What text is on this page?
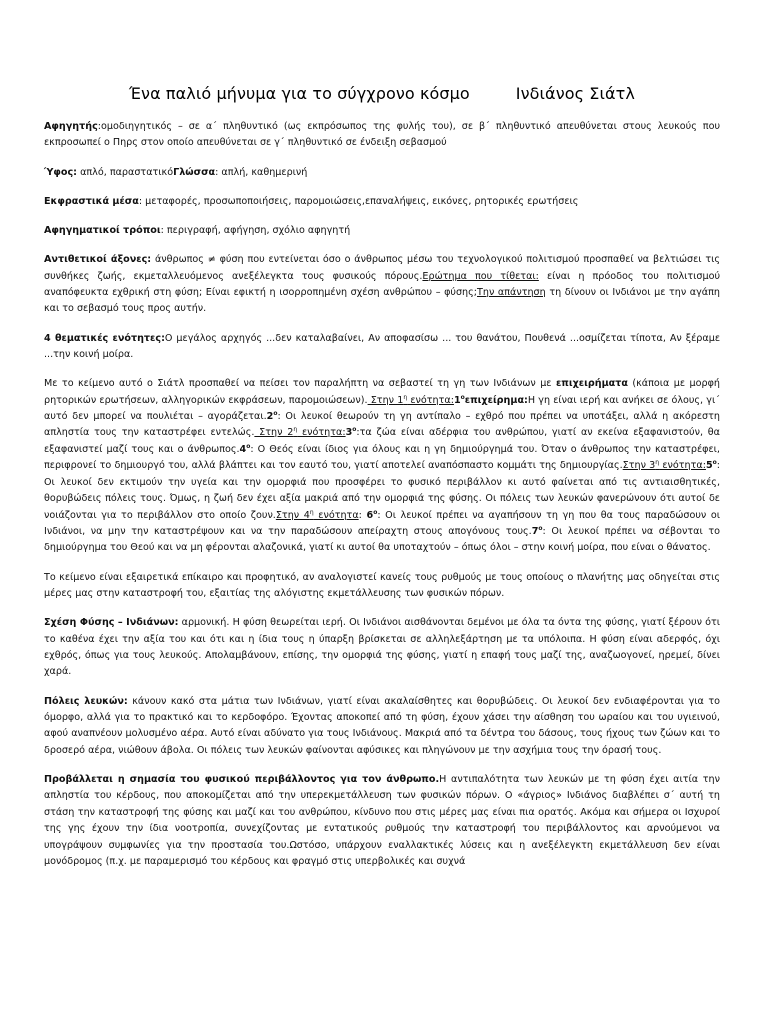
Ένα παλιό μήνυμα για το σύγχρονο κόσμο	Ινδιάνος Σιάτλ

Αφηγητής:ομοδιηγητικός – σε α΄ πληθυντικό (ως εκπρόσωπος της φυλής του), σε β΄ πληθυντικό απευθύνεται στους λευκούς που εκπροσωπεί ο Πηρς στον οποίο απευθύνεται σε γ΄ πληθυντικό σε ένδειξη σεβασμού

Ύφος: απλό, παραστατικόΓλώσσα: απλή, καθημερινή

Εκφραστικά μέσα: μεταφορές, προσωποποιήσεις, παρομοιώσεις,επαναλήψεις, εικόνες, ρητορικές ερωτήσεις

Αφηγηματικοί τρόποι: περιγραφή, αφήγηση, σχόλιο αφηγητή

Αντιθετικοί άξονες: άνθρωπος ≠ φύση που εντείνεται όσο ο άνθρωπος μέσω του τεχνολογικού πολιτισμού προσπαθεί να βελτιώσει τις συνθήκες ζωής, εκμεταλλευόμενος ανεξέλεγκτα τους φυσικούς πόρους.Ερώτημα που τίθεται: είναι η πρόοδος του πολιτισμού αναπόφευκτα εχθρική στη φύση; Είναι εφικτή η ισορροπημένη σχέση ανθρώπου – φύσης;Την απάντηση τη δίνουν οι Ινδιάνοι με την αγάπη και το σεβασμό τους προς αυτήν.

4 θεματικές ενότητες:Ο μεγάλος αρχηγός ...δεν καταλαβαίνει, Αν αποφασίσω ... του θανάτου, Πουθενά ...οσμίζεται τίποτα, Αν ξέραμε ...την κοινή μοίρα.

Με το κείμενο αυτό ο Σιάτλ προσπαθεί να πείσει τον παραλήπτη να σεβαστεί τη γη των Ινδιάνων με επιχειρήματα (κάποια με μορφή ρητορικών ερωτήσεων, αλληγορικών εκφράσεων, παρομοιώσεων). Στην $1^\eta$ $\varepsilon\nu ό\tau\eta\tau\alpha:1^o\varepsilon\pi\iota\chi\varepsilon ί\rho\eta\mu\alpha:H$ γη είναι ιερή και ανήκει σε όλους, γι΄ αυτό δεν μπορεί να πουλιέται – $\alpha\gamma o\rho ά\zeta\varepsilon\tau\alpha\iota.2^o$: Οι λευκοί θεωρούν τη γη αντίπαλο – εχθρό που πρέπει να υποτάξει, αλλά η ακόρεστη απληστία τους την καταστρέφει εντελώς. Στην $2^\eta$ $\varepsilon\nu ό\tau\eta\tau\alpha:3^o:\tau\alpha$ ζώα είναι αδέρφια του ανθρώπου, γιατί αν εκείνα εξαφανιστούν, θα εξαφανιστεί μαζί τους και ο $ά\nu\theta\rho\omega\pi o\varsigma.4^o$: Ο Θεός είναι ίδιος για όλους και η γη δημιούργημά του. Όταν ο άνθρωπος την καταστρέφει, περιφρονεί το δημιουργό του, αλλά βλάπτει και τον εαυτό του, γιατί αποτελεί αναπόσπαστο κομμάτι της δημιουργίας.Στην $3^\eta$ $\varepsilon\nu ό\tau\eta\tau\alpha:5^o$: Οι λευκοί δεν εκτιμούν την υγεία και την ομορφιά που προσφέρει το φυσικό περιβάλλον κι αυτό φαίνεται από τις αντιαισθητικές, θορυβώδεις πόλεις τους. Όμως, η ζωή δεν έχει αξία μακριά από την ομορφιά της φύσης. Οι πόλεις των λευκών φανερώνουν ότι αυτοί δε νοιάζονται για το περιβάλλον στο οποίο ζουν.Στην $4^\eta$ ενότητα: $6^o$: Οι λευκοί πρέπει να αγαπήσουν τη γη που θα τους παραδώσουν οι Ινδιάνοι, να μην την καταστρέψουν και να την παραδώσουν απείραχτη στους απογόνους $\tau o\upsilon\varsigma.7^o$: Οι λευκοί πρέπει να σέβονται το δημιούργημα του Θεού και να μη φέρονται αλαζονικά, γιατί κι αυτοί θα υποταχτούν – όπως όλοι – στην κοινή μοίρα, που είναι ο θάνατος.

Το κείμενο είναι εξαιρετικά επίκαιρο και προφητικό, αν αναλογιστεί κανείς τους ρυθμούς με τους οποίους ο πλανήτης μας οδηγείται στις μέρες μας στην καταστροφή του, εξαιτίας της αλόγιστης εκμετάλλευσης των φυσικών πόρων.

Σχέση Φύσης – Ινδιάνων: αρμονική. Η φύση θεωρείται ιερή. Οι Ινδιάνοι αισθάνονται δεμένοι με όλα τα όντα της φύσης, γιατί ξέρουν ότι το καθένα έχει την αξία του και ότι και η ίδια τους η ύπαρξη βρίσκεται σε αλληλεξάρτηση με τα υπόλοιπα. Η φύση είναι αδερφός, όχι εχθρός, όπως για τους λευκούς. Απολαμβάνουν, επίσης, την ομορφιά της φύσης, γιατί η επαφή τους μαζί της, αναζωογονεί, ηρεμεί, δίνει χαρά.

Πόλεις λευκών: κάνουν κακό στα μάτια των Ινδιάνων, γιατί είναι ακαλαίσθητες και θορυβώδεις. Οι λευκοί δεν ενδιαφέρονται για το όμορφο, αλλά για το πρακτικό και το κερδοφόρο. Έχοντας αποκοπεί από τη φύση, έχουν χάσει την αίσθηση του ωραίου και του υγιεινού, αφού αναπνέουν μολυσμένο αέρα. Αυτό είναι αδύνατο για τους Ινδιάνους. Μακριά από τα δέντρα του δάσους, τους ήχους των ζώων και το δροσερό αέρα, νιώθουν άβολα. Οι πόλεις των λευκών φαίνονται αφύσικες και πληγώνουν με την ασχήμια τους την όρασή τους.

Προβάλλεται η σημασία του φυσικού περιβάλλοντος για τον άνθρωπο.Η αντιπαλότητα των λευκών με τη φύση έχει αιτία την απληστία του κέρδους, που αποκομίζεται από την υπερεκμετάλλευση των φυσικών πόρων. Ο «άγριος» Ινδιάνος διαβλέπει σ΄ αυτή τη στάση την καταστροφή της φύσης και μαζί και του ανθρώπου, κίνδυνο που στις μέρες μας είναι πια ορατός. Ακόμα και σήμερα οι Ισχυροί της γης έχουν την ίδια νοοτροπία, συνεχίζοντας με εντατικούς ρυθμούς την καταστροφή του περιβάλλοντος και αρνούμενοι να υπογράψουν συμφωνίες για την προστασία του.Ωστόσο, υπάρχουν εναλλακτικές λύσεις και η ανεξέλεγκτη εκμετάλλευση δεν είναι μονόδρομος (π.χ. με παραμερισμό του κέρδους και φραγμό στις υπερβολικές και συχνά
